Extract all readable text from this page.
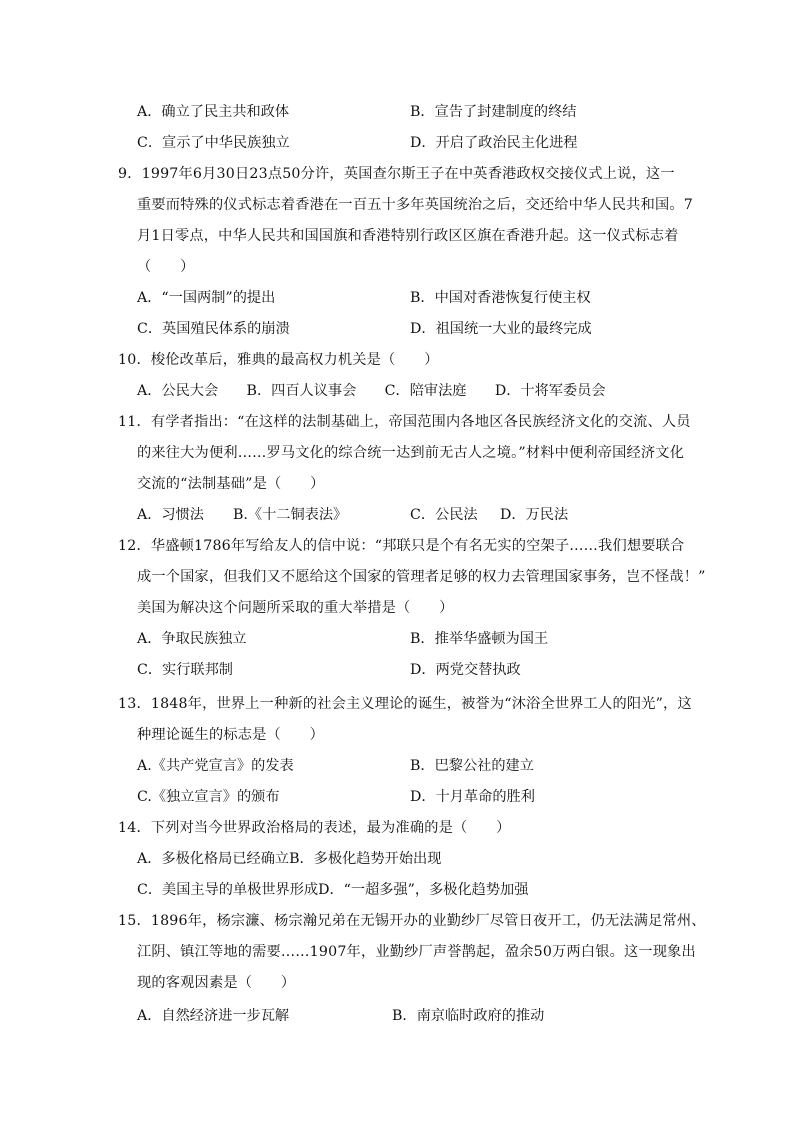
A．确立了民主共和政体	B．宣告了封建制度的终结
C．宣示了中华民族独立	D．开启了政治民主化进程
9．1997年6月30日23点50分许，英国查尔斯王子在中英香港政权交接仪式上说，这一
重要而特殊的仪式标志着香港在一百五十多年英国统治之后，交还给中华人民共和国。7
月1日零点，中华人民共和国国旗和香港特别行政区区旗在香港升起。这一仪式标志着
（　　）
A．“一国两制”的提出	B．中国对香港恢复行使主权
C．英国殖民体系的崩溃	D．祖国统一大业的最终完成
10．梭伦改革后，雅典的最高权力机关是（　　）
A．公民大会　　B．四百人议事会　　C．陪审法庭　　D．十将军委员会
11．有学者指出：“在这样的法制基础上，帝国范围内各地区各民族经济文化的交流、人员
的来往大为便利……罗马文化的综合统一达到前无古人之境。”材料中便利帝国经济文化
交流的“法制基础”是（　　）
A．习惯法 B.《十二铜表法》	C．公民法 D．万民法
12．华盛顿1786年写给友人的信中说：“邦联只是个有名无实的空架子……我们想要联合
成一个国家，但我们又不愿给这个国家的管理者足够的权力去管理国家事务，岂不怪哉！”
美国为解决这个问题所采取的重大举措是（　　）
A．争取民族独立	B．推举华盛顿为国王
C．实行联邦制	D．两党交替执政
13．1848年，世界上一种新的社会主义理论的诞生，被誉为“沐浴全世界工人的阳光”，这
种理论诞生的标志是（　　）
A.《共产党宣言》的发表	B．巴黎公社的建立
C.《独立宣言》的颁布	D．十月革命的胜利
14．下列对当今世界政治格局的表述，最为准确的是（　　）
A．多极化格局已经确立B．多极化趋势开始出现
C．美国主导的单极世界形成D．“一超多强”，多极化趋势加强
15．1896年，杨宗濂、杨宗瀚兄弟在无锡开办的业勤纱厂尽管日夜开工，仍无法满足常州、
江阴、镇江等地的需要……1907年，业勤纱厂声誉鹊起，盈余50万两白银。这一现象出
现的客观因素是（　　）
A．自然经济进一步瓦解	B．南京临时政府的推动
